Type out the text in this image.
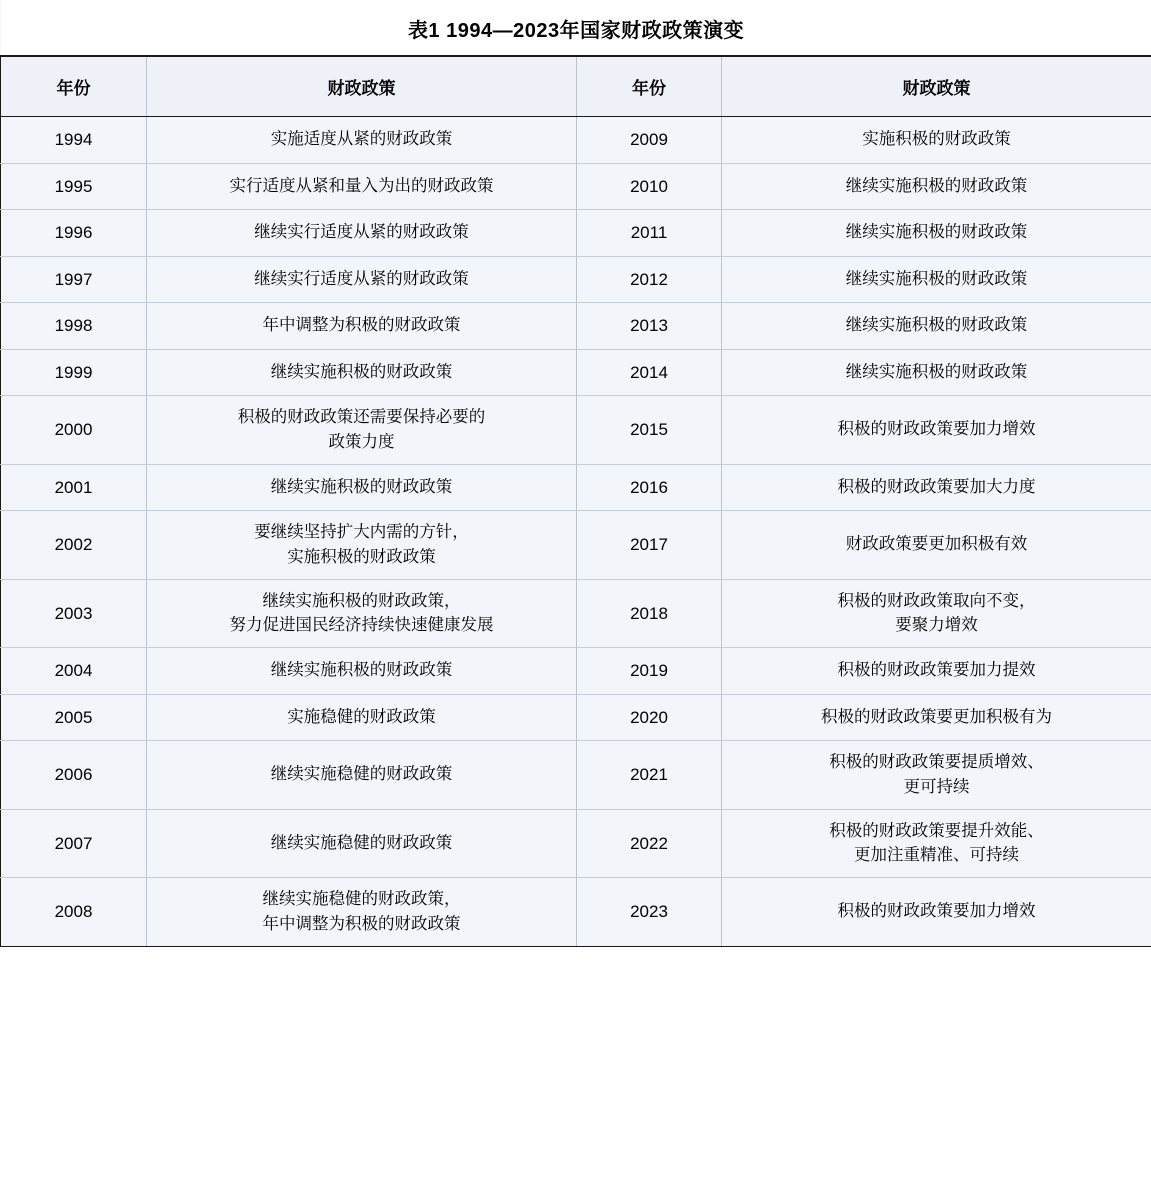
表1 1994—2023年国家财政政策演变			
年份	财政政策	年份	财政政策
1994	实施适度从紧的财政政策	2009	实施积极的财政政策

1995	实行适度从紧和量入为出的财政政策	2010	继续实施积极的财政政策

1996	继续实行适度从紧的财政政策	2011	继续实施积极的财政政策

1997	继续实行适度从紧的财政政策	2012	继续实施积极的财政政策

1998	年中调整为积极的财政政策	2013	继续实施积极的财政政策

1999	继续实施积极的财政政策	2014	继续实施积极的财政政策

2000	积极的财政政策还需要保持必要的
政策力度	2015	积极的财政政策要加力增效

2001	继续实施积极的财政政策	2016	积极的财政政策要加大力度

2002	要继续坚持扩大内需的方针，
实施积极的财政政策	2017	财政政策要更加积极有效

2003	继续实施积极的财政政策，
努力促进国民经济持续快速健康发展	2018	积极的财政政策取向不变，
要聚力增效

2004	继续实施积极的财政政策	2019	积极的财政政策要加力提效

2005	实施稳健的财政政策	2020	积极的财政政策要更加积极有为

2006	继续实施稳健的财政政策	2021	积极的财政政策要提质增效、
更可持续

2007	继续实施稳健的财政政策	2022	积极的财政政策要提升效能、
更加注重精准、可持续

2008	继续实施稳健的财政政策，
年中调整为积极的财政政策	2023	积极的财政政策要加力增效
